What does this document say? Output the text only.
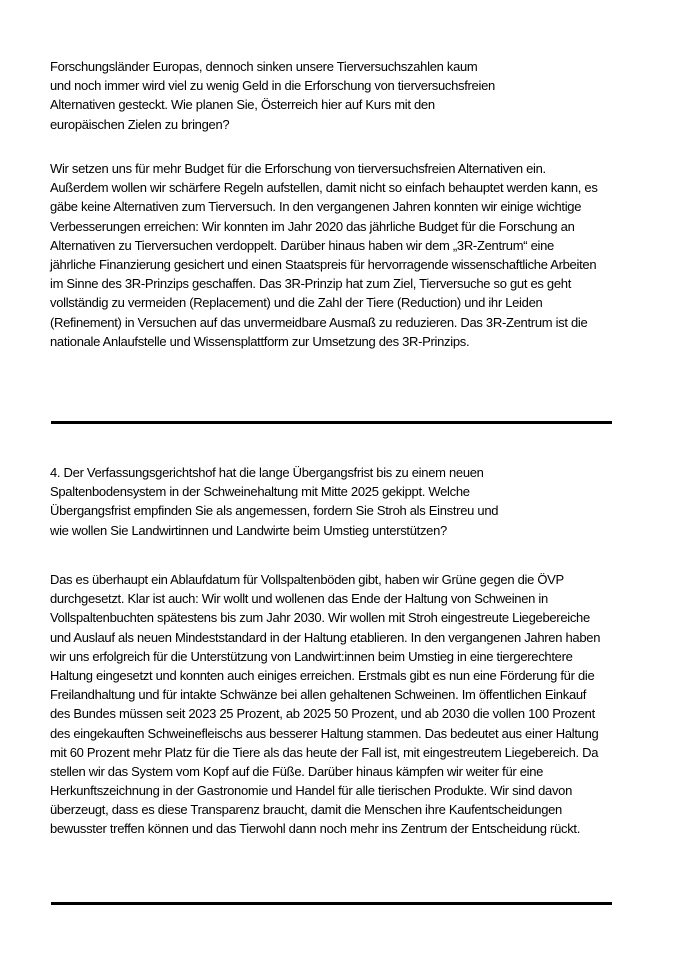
Forschungsländer Europas, dennoch sinken unsere Tierversuchszahlen kaum
und noch immer wird viel zu wenig Geld in die Erforschung von tierversuchsfreien
Alternativen gesteckt. Wie planen Sie, Österreich hier auf Kurs mit den
europäischen Zielen zu bringen?
Wir setzen uns für mehr Budget für die Erforschung von tierversuchsfreien Alternativen ein.
Außerdem wollen wir schärfere Regeln aufstellen, damit nicht so einfach behauptet werden kann, es
gäbe keine Alternativen zum Tierversuch. In den vergangenen Jahren konnten wir einige wichtige
Verbesserungen erreichen: Wir konnten im Jahr 2020 das jährliche Budget für die Forschung an
Alternativen zu Tierversuchen verdoppelt. Darüber hinaus haben wir dem „3R-Zentrum“ eine
jährliche Finanzierung gesichert und einen Staatspreis für hervorragende wissenschaftliche Arbeiten
im Sinne des 3R-Prinzips geschaffen. Das 3R-Prinzip hat zum Ziel, Tierversuche so gut es geht
vollständig zu vermeiden (Replacement) und die Zahl der Tiere (Reduction) und ihr Leiden
(Refinement) in Versuchen auf das unvermeidbare Ausmaß zu reduzieren. Das 3R-Zentrum ist die
nationale Anlaufstelle und Wissensplattform zur Umsetzung des 3R-Prinzips.
4. Der Verfassungsgerichtshof hat die lange Übergangsfrist bis zu einem neuen
Spaltenbodensystem in der Schweinehaltung mit Mitte 2025 gekippt. Welche
Übergangsfrist empfinden Sie als angemessen, fordern Sie Stroh als Einstreu und
wie wollen Sie Landwirtinnen und Landwirte beim Umstieg unterstützen?
Das es überhaupt ein Ablaufdatum für Vollspaltenböden gibt, haben wir Grüne gegen die ÖVP
durchgesetzt. Klar ist auch: Wir wollt und wollenen das Ende der Haltung von Schweinen in
Vollspaltenbuchten spätestens bis zum Jahr 2030. Wir wollen mit Stroh eingestreute Liegebereiche
und Auslauf als neuen Mindeststandard in der Haltung etablieren. In den vergangenen Jahren haben
wir uns erfolgreich für die Unterstützung von Landwirt:innen beim Umstieg in eine tiergerechtere
Haltung eingesetzt und konnten auch einiges erreichen. Erstmals gibt es nun eine Förderung für die
Freilandhaltung und für intakte Schwänze bei allen gehaltenen Schweinen. Im öffentlichen Einkauf
des Bundes müssen seit 2023 25 Prozent, ab 2025 50 Prozent, und ab 2030 die vollen 100 Prozent
des eingekauften Schweinefleischs aus besserer Haltung stammen. Das bedeutet aus einer Haltung
mit 60 Prozent mehr Platz für die Tiere als das heute der Fall ist, mit eingestreutem Liegebereich. Da
stellen wir das System vom Kopf auf die Füße. Darüber hinaus kämpfen wir weiter für eine
Herkunftszeichnung in der Gastronomie und Handel für alle tierischen Produkte. Wir sind davon
überzeugt, dass es diese Transparenz braucht, damit die Menschen ihre Kaufentscheidungen
bewusster treffen können und das Tierwohl dann noch mehr ins Zentrum der Entscheidung rückt.
